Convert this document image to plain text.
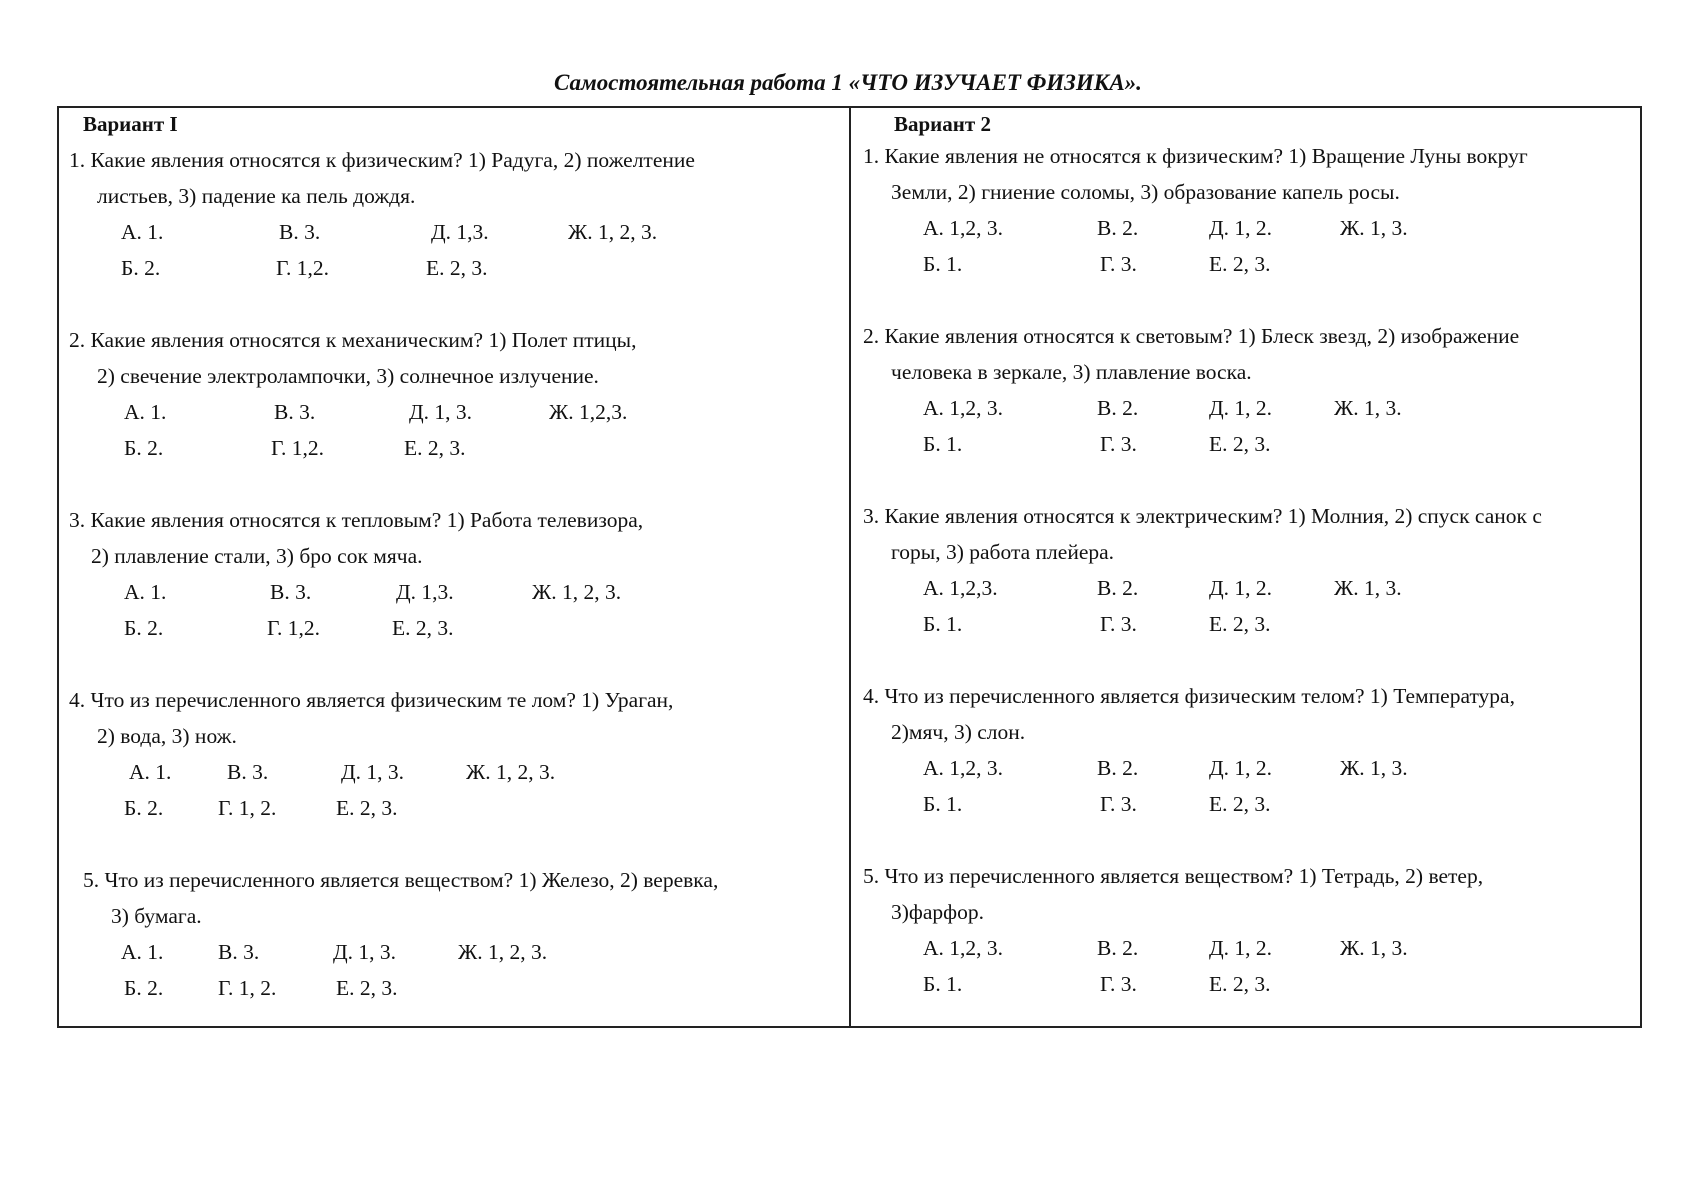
Самостоятельная работа 1 «ЧТО ИЗУЧАЕТ ФИЗИКА».
Вариант I
1. Какие явления относятся к физическим? 1) Радуга, 2) пожелтение
листьев, 3) падение ка пель дождя.
А. 1.	В. 3.	Д. 1,3.	Ж. 1, 2, 3.
Б. 2.	Г. 1,2.	Е. 2, 3.
2. Какие явления относятся к механическим? 1) Полет птицы,
2) свечение электролампочки, 3) солнечное излучение.
А. 1.	В. 3.	Д. 1, 3.	Ж. 1,2,3.
Б. 2.	Г. 1,2.	Е. 2, 3.
3. Какие явления относятся к тепловым? 1) Работа телевизора,
2) плавление стали, 3) бро сок мяча.
А. 1.	В. 3.	Д. 1,3.	Ж. 1, 2, 3.
Б. 2.	Г. 1,2.	Е. 2, 3.
4. Что из перечисленного является физическим те лом? 1) Ураган,
2) вода, 3) нож.
А. 1.	В. 3.	Д. 1, 3.	Ж. 1, 2, 3.
Б. 2.	Г. 1, 2.	Е. 2, 3.
5. Что из перечисленного является веществом? 1) Железо, 2) веревка,
3) бумага.
А. 1.	В. 3.	Д. 1, 3.	Ж. 1, 2, 3.
Б. 2.	Г. 1, 2.	Е. 2, 3.
Вариант 2
1. Какие явления не относятся к физическим? 1) Вращение Луны вокруг
Земли, 2) гниение соломы, 3) образование капель росы.
А. 1,2, 3.	В. 2.	Д. 1, 2.	Ж. 1, 3.
Б. 1.	Г. 3.	Е. 2, 3.
2. Какие явления относятся к световым? 1) Блеск звезд, 2) изображение
человека в зеркале, 3) плавление воска.
А. 1,2, 3.	В. 2.	Д. 1, 2.	Ж. 1, 3.
Б. 1.	Г. 3.	Е. 2, 3.
3. Какие явления относятся к электрическим? 1) Молния, 2) спуск санок с
горы, 3) работа плейера.
А. 1,2,3.	В. 2.	Д. 1, 2.	Ж. 1, 3.
Б. 1.	Г. 3.	Е. 2, 3.
4. Что из перечисленного является физическим телом? 1) Температура,
2)мяч, 3) слон.
А. 1,2, 3.	В. 2.	Д. 1, 2.	Ж. 1, 3.
Б. 1.	Г. 3.	Е. 2, 3.
5. Что из перечисленного является веществом? 1) Тетрадь, 2) ветер,
3)фарфор.
А. 1,2, 3.	В. 2.	Д. 1, 2.	Ж. 1, 3.
Б. 1.	Г. 3.	Е. 2, 3.
